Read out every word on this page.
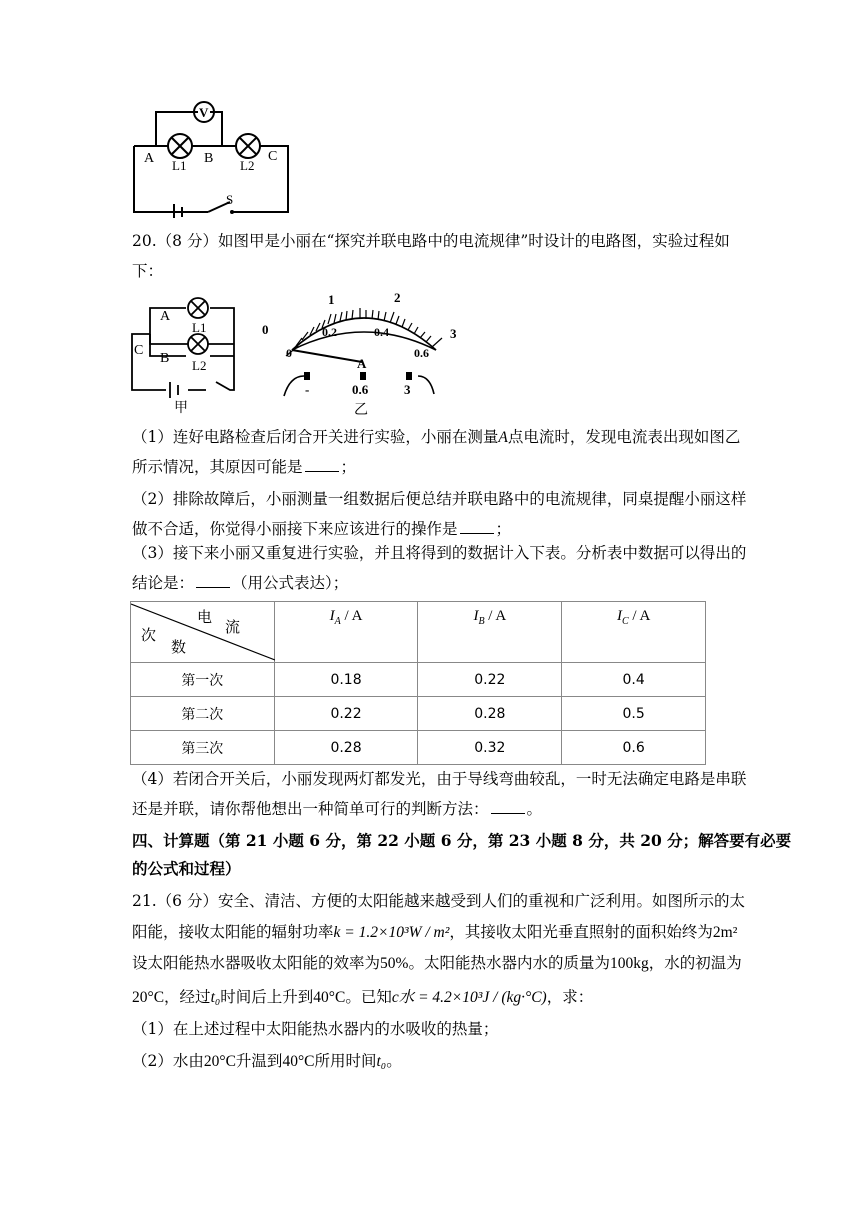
V
A L1 B L2
C
S
20.（8 分）如图甲是小丽在“探究并联电路中的电流规律”时设计的电路图，实验过程如
下：
A
L1
C
B L2
甲
0
1	2
3
0
0.2	0.4
0.6
A
-	0.6	3
乙
（1）连好电路检查后闭合开关进行实验，小丽在测量A点电流时，发现电流表出现如图乙
所示情况，其原因可能是 ；
（2）排除故障后，小丽测量一组数据后便总结并联电路中的电流规律，同桌提醒小丽这样
做不合适，你觉得小丽接下来应该进行的操作是 ；
（3）接下来小丽又重复进行实验，并且将得到的数据计入下表。分析表中数据可以得出的
结论是： （用公式表达）；
电
流
次
数	$I_A$ / A	$I_B$ / A	$I_C$ / A
第一次	0.18	0.22	0.4
第二次	0.22	0.28	0.5
第三次	0.28	0.32	0.6
（4）若闭合开关后，小丽发现两灯都发光，由于导线弯曲较乱，一时无法确定电路是串联
还是并联，请你帮他想出一种简单可行的判断方法： 。
四、计算题（第 21 小题 6 分，第 22 小题 6 分，第 23 小题 8 分，共 20 分；解答要有必要
的公式和过程）
21.（6 分）安全、清洁、方便的太阳能越来越受到人们的重视和广泛利用。如图所示的太
阳能，接收太阳能的辐射功率k = 1.2×10³W / m²，其接收太阳光垂直照射的面积始终为2m²
设太阳能热水器吸收太阳能的效率为50%。太阳能热水器内水的质量为100kg，水的初温为
20°C，经过t₀时间后上升到40°C。已知c水 = 4.2×10³J / (kg·°C)，求：
（1）在上述过程中太阳能热水器内的水吸收的热量；
（2）水由20°C升温到40°C所用时间t₀。
